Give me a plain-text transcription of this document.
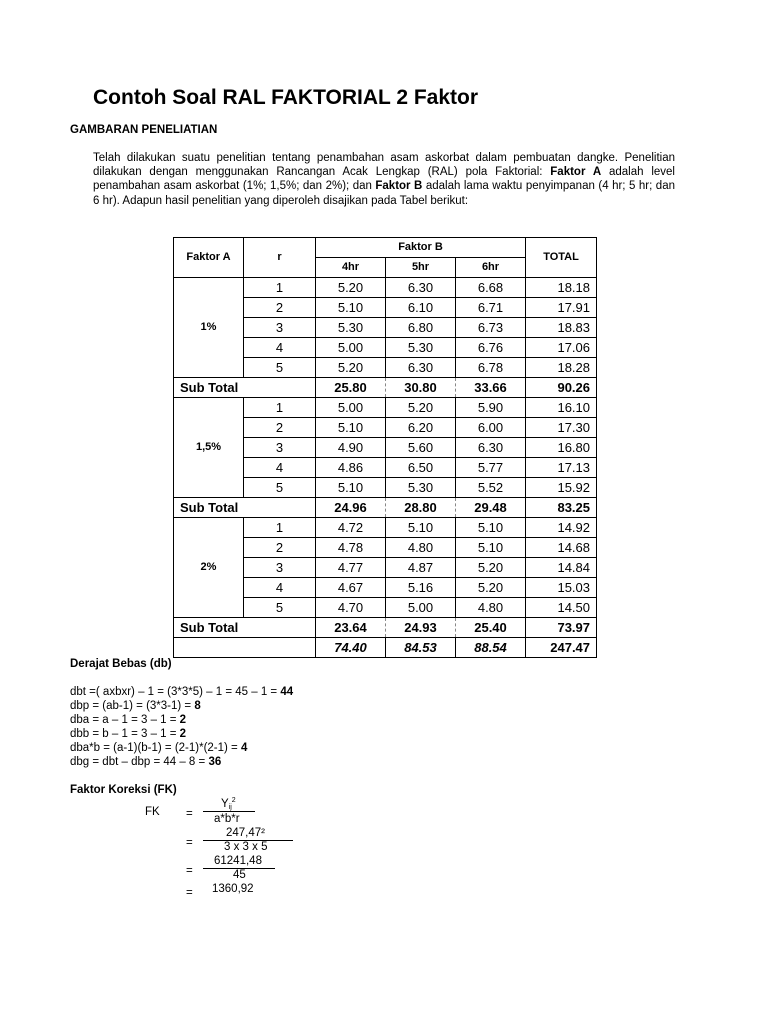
Contoh Soal RAL FAKTORIAL 2 Faktor
GAMBARAN PENELIATIAN

Telah dilakukan suatu penelitian tentang penambahan asam askorbat dalam pembuatan dangke. Penelitian dilakukan dengan menggunakan Rancangan Acak Lengkap (RAL) pola Faktorial: Faktor A adalah level penambahan asam askorbat (1%; 1,5%; dan 2%); dan Faktor B adalah lama waktu penyimpanan (4 hr; 5 hr; dan 6 hr). Adapun hasil penelitian yang diperoleh disajikan pada Tabel berikut:

Faktor A	r	Faktor B			TOTAL
		4hr	5hr	6hr	
1%	1	5.20	6.30	6.68	18.18
	2	5.10	6.10	6.71	17.91
	3	5.30	6.80	6.73	18.83
	4	5.00	5.30	6.76	17.06
	5	5.20	6.30	6.78	18.28
Sub Total		25.80	30.80	33.66	90.26
1,5%	1	5.00	5.20	5.90	16.10
	2	5.10	6.20	6.00	17.30
	3	4.90	5.60	6.30	16.80
	4	4.86	6.50	5.77	17.13
	5	5.10	5.30	5.52	15.92
Sub Total		24.96	28.80	29.48	83.25
2%	1	4.72	5.10	5.10	14.92
	2	4.78	4.80	5.10	14.68
	3	4.77	4.87	5.20	14.84
	4	4.67	5.16	5.20	15.03
	5	4.70	5.00	4.80	14.50
Sub Total		23.64	24.93	25.40	73.97
		74.40	84.53	88.54	247.47
Derajat Bebas (db)

dbt =( axbxr) – 1 = (3*3*5) – 1 = 45 – 1 = 44

dbp = (ab-1) = (3*3-1) = 8

dba = a – 1 = 3 – 1 = 2

dbb = b – 1 = 3 – 1 = 2

dba*b = (a-1)(b-1) = (2-1)*(2-1) = 4

dbg = dbt – dbp = 44 – 8 = 36

Faktor Koreksi (FK)
FK =
$Y_{ij}^2$
a*b*r
247,47²
=	3 x 3 x 5
61241,48
=	45
= 1360,92
